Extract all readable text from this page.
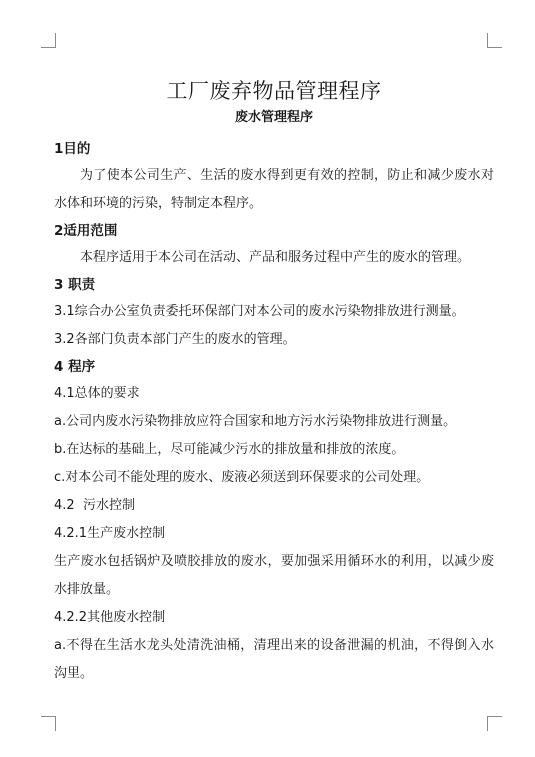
工厂废弃物品管理程序
废水管理程序
1目的

为了使本公司生产、生活的废水得到更有效的控制，防止和减少废水对水体和环境的污染，特制定本程序。

2适用范围

本程序适用于本公司在活动、产品和服务过程中产生的废水的管理。

3 职责

3.1综合办公室负责委托环保部门对本公司的废水污染物排放进行测量。

3.2各部门负责本部门产生的废水的管理。

4 程序

4.1总体的要求

a.公司内废水污染物排放应符合国家和地方污水污染物排放进行测量。

b.在达标的基础上，尽可能减少污水的排放量和排放的浓度。

c.对本公司不能处理的废水、废液必须送到环保要求的公司处理。

4.2  污水控制

4.2.1生产废水控制

生产废水包括锅炉及喷胶排放的废水，要加强采用循环水的利用，以减少废水排放量。

4.2.2其他废水控制

a.不得在生活水龙头处清洗油桶，清理出来的设备泄漏的机油，不得倒入水沟里。
